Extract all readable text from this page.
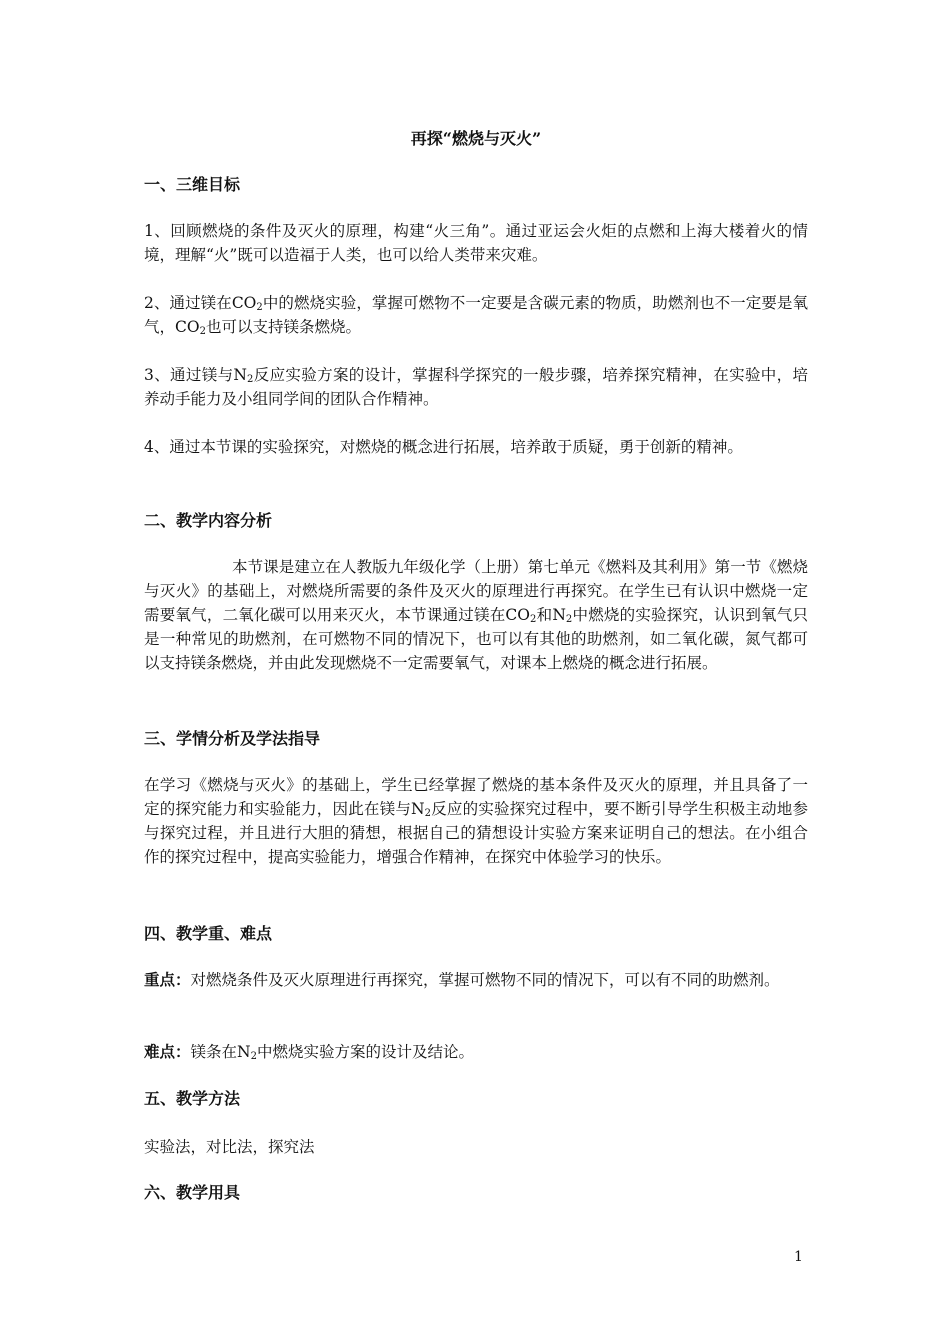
再探“燃烧与灭火”
一、三维目标

1、回顾燃烧的条件及灭火的原理，构建“火三角”。通过亚运会火炬的点燃和上海大楼着火的情境，理解“火”既可以造福于人类，也可以给人类带来灾难。

2、通过镁在$CO_2$中的燃烧实验，掌握可燃物不一定要是含碳元素的物质，助燃剂也不一定要是氧气，$CO_2$也可以支持镁条燃烧。

3、通过镁与$N_2$反应实验方案的设计，掌握科学探究的一般步骤，培养探究精神，在实验中，培养动手能力及小组同学间的团队合作精神。

4、通过本节课的实验探究，对燃烧的概念进行拓展，培养敢于质疑，勇于创新的精神。

二、教学内容分析

本节课是建立在人教版九年级化学（上册）第七单元《燃料及其利用》第一节《燃烧与灭火》的基础上，对燃烧所需要的条件及灭火的原理进行再探究。在学生已有认识中燃烧一定需要氧气，二氧化碳可以用来灭火，本节课通过镁在$CO_2$和$N_2$中燃烧的实验探究，认识到氧气只是一种常见的助燃剂，在可燃物不同的情况下，也可以有其他的助燃剂，如二氧化碳，氮气都可以支持镁条燃烧，并由此发现燃烧不一定需要氧气，对课本上燃烧的概念进行拓展。

三、学情分析及学法指导

在学习《燃烧与灭火》的基础上，学生已经掌握了燃烧的基本条件及灭火的原理，并且具备了一定的探究能力和实验能力，因此在镁与$N_2$反应的实验探究过程中，要不断引导学生积极主动地参与探究过程，并且进行大胆的猜想，根据自己的猜想设计实验方案来证明自己的想法。在小组合作的探究过程中，提高实验能力，增强合作精神，在探究中体验学习的快乐。

四、教学重、难点

重点：对燃烧条件及灭火原理进行再探究，掌握可燃物不同的情况下，可以有不同的助燃剂。

难点：镁条在$N_2$中燃烧实验方案的设计及结论。

五、教学方法

实验法，对比法，探究法

六、教学用具
1
